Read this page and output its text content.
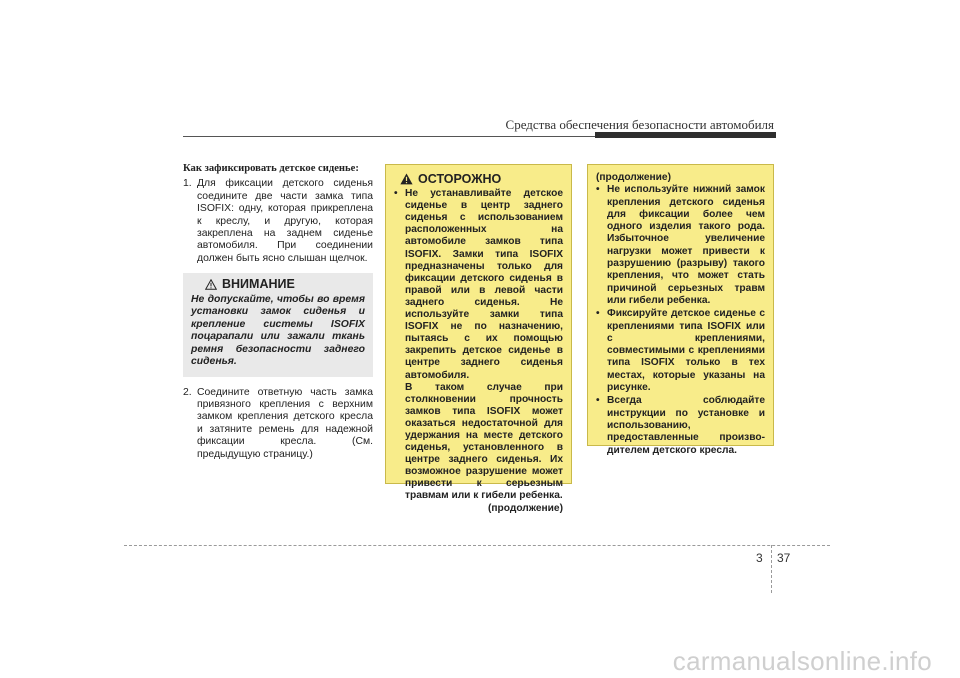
Средства обеспечения безопасности автомобиля
Как зафиксировать детское сиденье:
1. Для фиксации детского сиденья соедините две части замка типа ISOFIX: одну, которая прикреплена к креслу, и другую, которая закреплена на заднем сиденье автомобиля. При соединении должен быть ясно слышан щелчок.
ВНИМАНИЕ
Не допускайте, чтобы во время установки замок сиденья и крепление системы ISOFIX поцарапали или зажали ткань ремня безопасности заднего сиденья.
2. Соедините ответную часть замка привязного крепления с верхним замком крепления детского кресла и затяните ремень для надежной фиксации кресла. (См. предыдущую страницу.)
ОСТОРОЖНО
• Не устанавливайте детское сиденье в центр заднего сиденья с использованием расположенных на автомобиле замков типа ISOFIX. Замки типа ISOFIX предназначены только для фиксации детского сиденья в правой или в левой части заднего сиденья. Не используйте замки типа ISOFIX не по назначению, пытаясь с их помощью закрепить детское сиденье в центре заднего сиденья автомобиля.
В таком случае при столкновении прочность замков типа ISOFIX может оказаться недостаточной для удержания на месте детского сиденья, установленного в центре заднего сиденья. Их возможное разрушение может привести к серьезным травмам или к гибели ребенка.
(продолжение)
(продолжение)
• Не используйте нижний замок крепления детского сиденья для фиксации более чем одного изделия такого рода. Избыточное увеличение нагрузки может привести к разрушению (разрыву) такого крепления, что может стать причиной серьезных травм или гибели ребенка.
• Фиксируйте детское сиденье с креплениями типа ISOFIX или с креплениями, совместимыми с креплениями типа ISOFIX только в тех местах, которые указаны на рисунке.
• Всегда соблюдайте инструкции по установке и использованию, предоставленные произво-дителем детского кресла.
3 37
carmanualsonline.info
